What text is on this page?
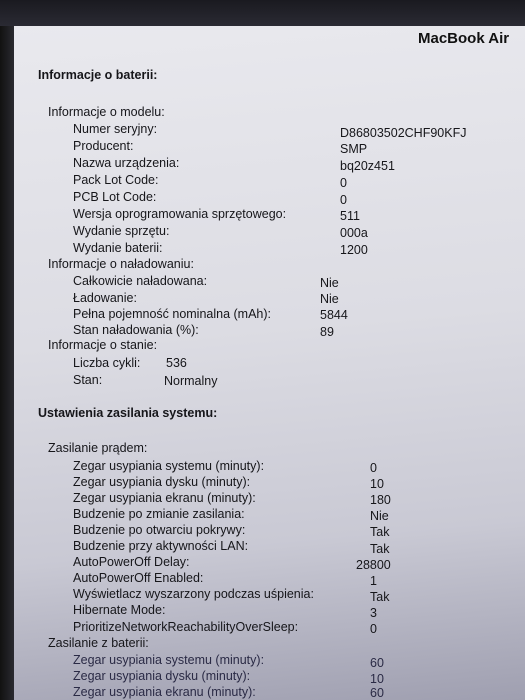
MacBook Air
Informacje o baterii:
Informacje o modelu:
Numer seryjny:	D86803502CHF90KFJ
Producent:	SMP
Nazwa urządzenia:	bq20z451
Pack Lot Code:	0
PCB Lot Code:	0
Wersja oprogramowania sprzętowego:	511
Wydanie sprzętu:	000a
Wydanie baterii:	1200
Informacje o naładowaniu:
Całkowicie naładowana:	Nie
Ładowanie:	Nie
Pełna pojemność nominalna (mAh):	5844
Stan naładowania (%):	89
Informacje o stanie:
Liczba cykli: 536
Stan:	Normalny
Ustawienia zasilania systemu:
Zasilanie prądem:
Zegar usypiania systemu (minuty):	0
Zegar usypiania dysku (minuty):	10
Zegar usypiania ekranu (minuty):	180
Budzenie po zmianie zasilania:	Nie
Budzenie po otwarciu pokrywy:	Tak
Budzenie przy aktywności LAN:	Tak
AutoPowerOff Delay:	28800
AutoPowerOff Enabled:	1
Wyświetlacz wyszarzony podczas uśpienia:	Tak
Hibernate Mode:	3
PrioritizeNetworkReachabilityOverSleep:	0
Zasilanie z baterii:
Zegar usypiania systemu (minuty):	60
Zegar usypiania dysku (minuty):	10
Zegar usypiania ekranu (minuty):	60
